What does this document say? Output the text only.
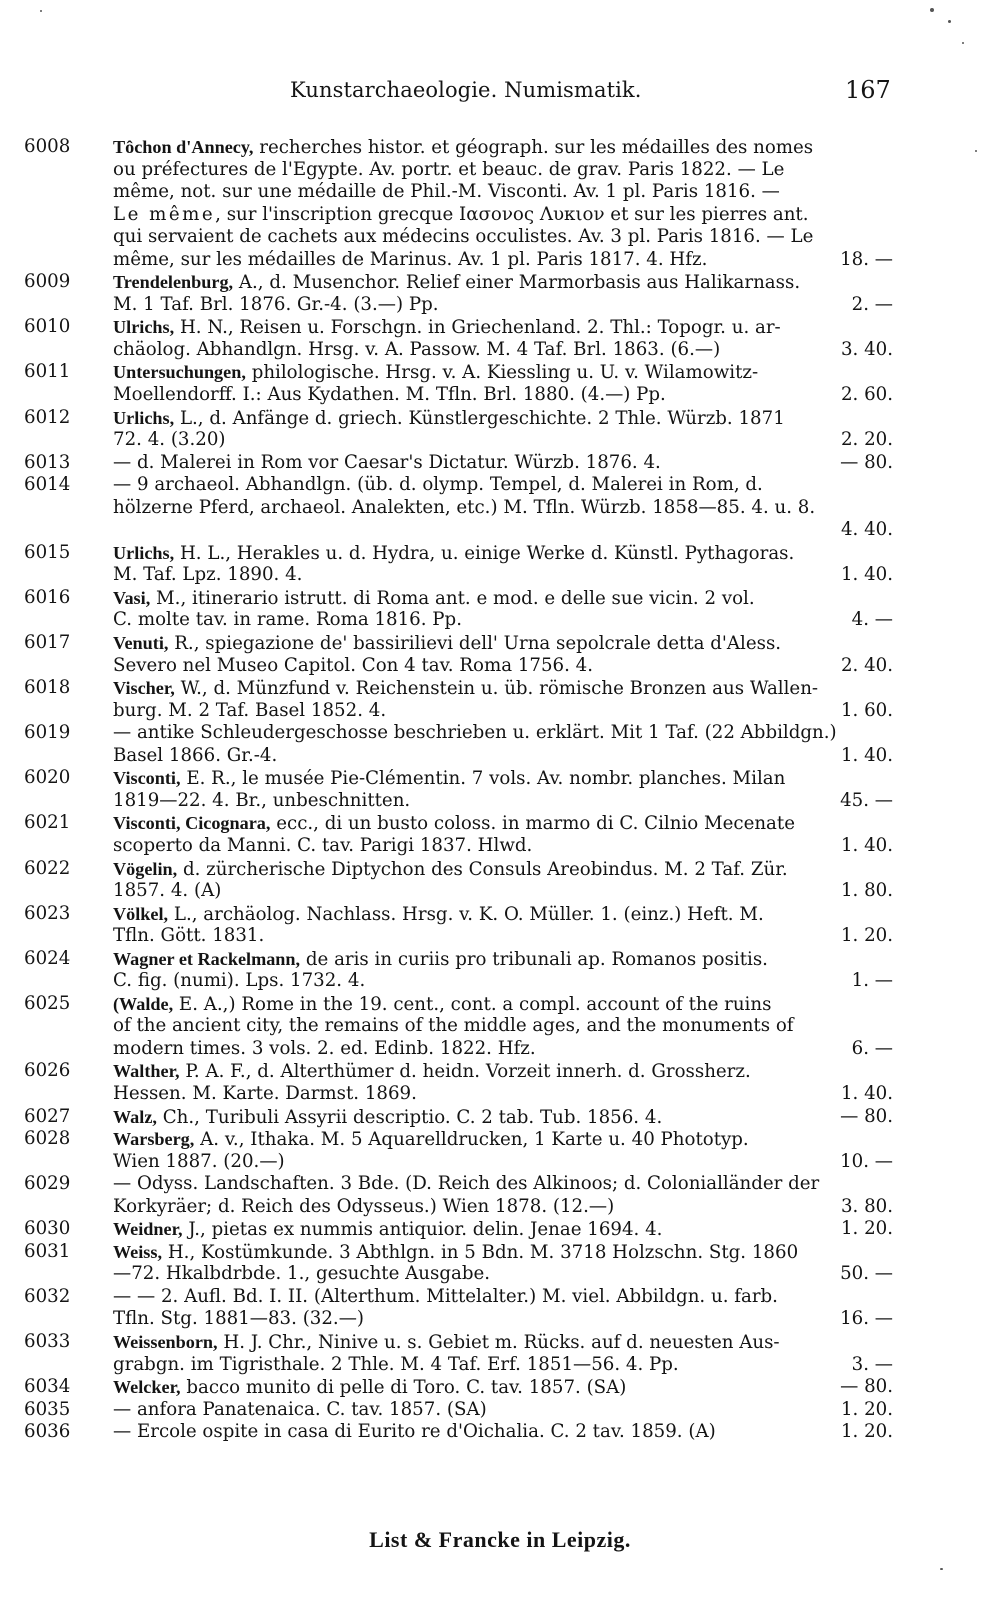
Kunstarchaeologie. Numismatik.	167
6008	Tôchon d'Annecy, recherches histor. et géograph. sur les médailles des nomes
ou préfectures de l'Egypte. Av. portr. et beauc. de grav. Paris 1822. — Le
même, not. sur une médaille de Phil.-M. Visconti. Av. 1 pl. Paris 1816. —
Le même, sur l'inscription grecque Ιασονος Λυκιον et sur les pierres ant.
qui servaient de cachets aux médecins occulistes. Av. 3 pl. Paris 1816. — Le
même, sur les médailles de Marinus. Av. 1 pl. Paris 1817. 4. Hfz.	18. —
6009	Trendelenburg, A., d. Musenchor. Relief einer Marmorbasis aus Halikarnass.
M. 1 Taf. Brl. 1876. Gr.-4. (3.—) Pp.	2. —
6010	Ulrichs, H. N., Reisen u. Forschgn. in Griechenland. 2. Thl.: Topogr. u. ar-
chäolog. Abhandlgn. Hrsg. v. A. Passow. M. 4 Taf. Brl. 1863. (6.—)	3. 40.
6011	Untersuchungen, philologische. Hrsg. v. A. Kiessling u. U. v. Wilamowitz-
Moellendorff. I.: Aus Kydathen. M. Tfln. Brl. 1880. (4.—) Pp.	2. 60.
6012	Urlichs, L., d. Anfänge d. griech. Künstlergeschichte. 2 Thle. Würzb. 1871
72. 4. (3.20)	2. 20.
6013	— d. Malerei in Rom vor Caesar's Dictatur. Würzb. 1876. 4.	— 80.
6014	— 9 archaeol. Abhandlgn. (üb. d. olymp. Tempel, d. Malerei in Rom, d.
hölzerne Pferd, archaeol. Analekten, etc.) M. Tfln. Würzb. 1858—85. 4. u. 8.
4. 40.
6015	Urlichs, H. L., Herakles u. d. Hydra, u. einige Werke d. Künstl. Pythagoras.
M. Taf. Lpz. 1890. 4.	1. 40.
6016	Vasi, M., itinerario istrutt. di Roma ant. e mod. e delle sue vicin. 2 vol.
C. molte tav. in rame. Roma 1816. Pp.	4. —
6017	Venuti, R., spiegazione de' bassirilievi dell' Urna sepolcrale detta d'Aless.
Severo nel Museo Capitol. Con 4 tav. Roma 1756. 4.	2. 40.
6018	Vischer, W., d. Münzfund v. Reichenstein u. üb. römische Bronzen aus Wallen-
burg. M. 2 Taf. Basel 1852. 4.	1. 60.
6019	— antike Schleudergeschosse beschrieben u. erklärt. Mit 1 Taf. (22 Abbildgn.)
Basel 1866. Gr.-4.	1. 40.
6020	Visconti, E. R., le musée Pie-Clémentin. 7 vols. Av. nombr. planches. Milan
1819—22. 4. Br., unbeschnitten.	45. —
6021	Visconti, Cicognara, ecc., di un busto coloss. in marmo di C. Cilnio Mecenate
scoperto da Manni. C. tav. Parigi 1837. Hlwd.	1. 40.
6022	Vögelin, d. zürcherische Diptychon des Consuls Areobindus. M. 2 Taf. Zür.
1857. 4. (A)	1. 80.
6023	Völkel, L., archäolog. Nachlass. Hrsg. v. K. O. Müller. 1. (einz.) Heft. M.
Tfln. Gött. 1831.	1. 20.
6024	Wagner et Rackelmann, de aris in curiis pro tribunali ap. Romanos positis.
C. fig. (numi). Lps. 1732. 4.	1. —
6025	(Walde, E. A.,) Rome in the 19. cent., cont. a compl. account of the ruins
of the ancient city, the remains of the middle ages, and the monuments of
modern times. 3 vols. 2. ed. Edinb. 1822. Hfz.	6. —
6026	Walther, P. A. F., d. Alterthümer d. heidn. Vorzeit innerh. d. Grossherz.
Hessen. M. Karte. Darmst. 1869.	1. 40.
6027	Walz, Ch., Turibuli Assyrii descriptio. C. 2 tab. Tub. 1856. 4.	— 80.
6028	Warsberg, A. v., Ithaka. M. 5 Aquarelldrucken, 1 Karte u. 40 Phototyp.
Wien 1887. (20.—)	10. —
6029	— Odyss. Landschaften. 3 Bde. (D. Reich des Alkinoos; d. Colonialländer der
Korkyräer; d. Reich des Odysseus.) Wien 1878. (12.—)	3. 80.
6030	Weidner, J., pietas ex nummis antiquior. delin. Jenae 1694. 4.	1. 20.
6031	Weiss, H., Kostümkunde. 3 Abthlgn. in 5 Bdn. M. 3718 Holzschn. Stg. 1860
—72. Hkalbdrbde. 1., gesuchte Ausgabe.	50. —
6032	— — 2. Aufl. Bd. I. II. (Alterthum. Mittelalter.) M. viel. Abbildgn. u. farb.
Tfln. Stg. 1881—83. (32.—)	16. —
6033	Weissenborn, H. J. Chr., Ninive u. s. Gebiet m. Rücks. auf d. neuesten Aus-
grabgn. im Tigristhale. 2 Thle. M. 4 Taf. Erf. 1851—56. 4. Pp.	3. —
6034	Welcker, bacco munito di pelle di Toro. C. tav. 1857. (SA)	— 80.
6035	— anfora Panatenaica. C. tav. 1857. (SA)	1. 20.
6036	— Ercole ospite in casa di Eurito re d'Oichalia. C. 2 tav. 1859. (A)	1. 20.
List & Francke in Leipzig.
